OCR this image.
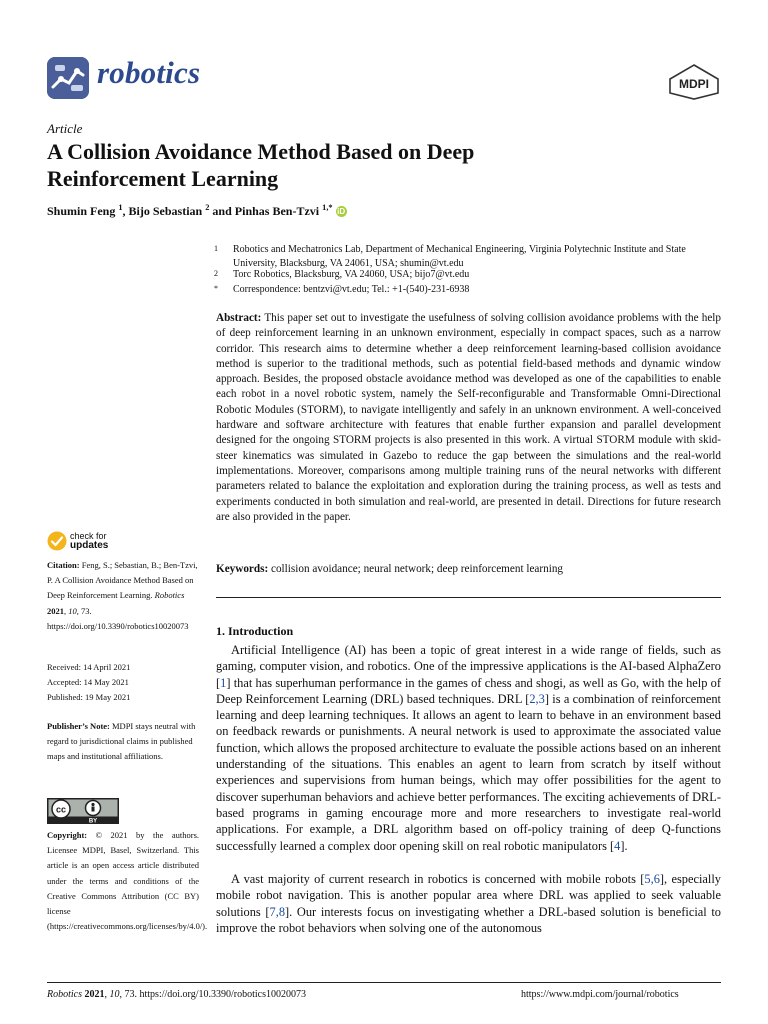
robotics	MDPI
Article
A Collision Avoidance Method Based on Deep Reinforcement Learning
Shumin Feng $^1$, Bijo Sebastian $^2$ and Pinhas Ben-Tzvi $^{1,*}$ iD
1 Robotics and Mechatronics Lab, Department of Mechanical Engineering, Virginia Polytechnic Institute and State University, Blacksburg, VA 24061, USA; shumin@vt.edu
2 Torc Robotics, Blacksburg, VA 24060, USA; bijo7@vt.edu
* Correspondence: bentzvi@vt.edu; Tel.: +1-(540)-231-6938
Abstract: This paper set out to investigate the usefulness of solving collision avoidance problems with the help of deep reinforcement learning in an unknown environment, especially in compact spaces, such as a narrow corridor. This research aims to determine whether a deep reinforcement learning-based collision avoidance method is superior to the traditional methods, such as potential field-based methods and dynamic window approach. Besides, the proposed obstacle avoidance method was developed as one of the capabilities to enable each robot in a novel robotic system, namely the Self-reconfigurable and Transformable Omni-Directional Robotic Modules (STORM), to navigate intelligently and safely in an unknown environment. A well-conceived hardware and software architecture with features that enable further expansion and parallel development designed for the ongoing STORM projects is also presented in this work. A virtual STORM module with skid-steer kinematics was simulated in Gazebo to reduce the gap between the simulations and the real-world implementations. Moreover, comparisons among multiple training runs of the neural networks with different parameters related to balance the exploitation and exploration during the training process, as well as tests and experiments conducted in both simulation and real-world, are presented in detail. Directions for future research are also provided in the paper.
Keywords: collision avoidance; neural network; deep reinforcement learning
check for
updates
Citation: Feng, S.; Sebastian, B.; Ben-Tzvi, P. A Collision Avoidance Method Based on Deep Reinforcement Learning. Robotics
2021, 10, 73. https://doi.org/10.3390/robotics10020073
Received: 14 April 2021
Accepted: 14 May 2021
Published: 19 May 2021
Publisher’s Note: MDPI stays neutral with regard to jurisdictional claims in published maps and institutional affiliations.
cc
BY
Copyright: © 2021 by the authors. Licensee MDPI, Basel, Switzerland. This article is an open access article distributed under the terms and conditions of the Creative Commons Attribution (CC BY) license (https://creativecommons.org/licenses/by/4.0/).
1. Introduction
Artificial Intelligence (AI) has been a topic of great interest in a wide range of fields, such as gaming, computer vision, and robotics. One of the impressive applications is the AI-based AlphaZero [1] that has superhuman performance in the games of chess and shogi, as well as Go, with the help of Deep Reinforcement Learning (DRL) based techniques. DRL [2,3] is a combination of reinforcement learning and deep learning techniques. It allows an agent to learn to behave in an environment based on feedback rewards or punishments. A neural network is used to approximate the associated value function, which allows the proposed architecture to evaluate the possible actions based on an inherent understanding of the situations. This enables an agent to learn from scratch by itself without experiences and supervisions from human beings, which may offer possibilities for the agent to discover superhuman behaviors and achieve better performances. The exciting achievements of DRL-based programs in gaming encourage more and more researchers to investigate real-world applications. For example, a DRL algorithm based on off-policy training of deep Q-functions successfully learned a complex door opening skill on real robotic manipulators [4].
A vast majority of current research in robotics is concerned with mobile robots [5,6], especially mobile robot navigation. This is another popular area where DRL was applied to seek valuable solutions [7,8]. Our interests focus on investigating whether a DRL-based solution is beneficial to improve the robot behaviors when solving one of the autonomous
Robotics 2021, 10, 73. https://doi.org/10.3390/robotics10020073	https://www.mdpi.com/journal/robotics
